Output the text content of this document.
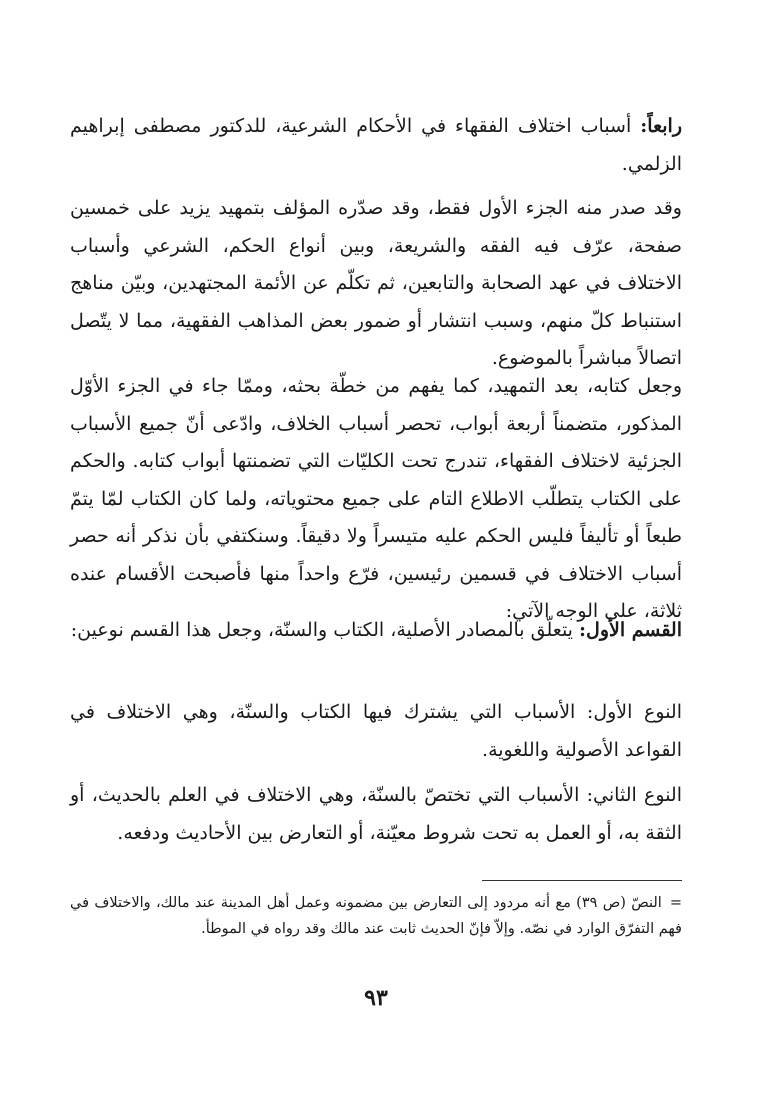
رابعاً: أسباب اختلاف الفقهاء في الأحكام الشرعية، للدكتور مصطفى إبراهيم الزلمي.

وقد صدر منه الجزء الأول فقط، وقد صدّره المؤلف بتمهيد يزيد على خمسين صفحة، عرّف فيه الفقه والشريعة، وبين أنواع الحكم، الشرعي وأسباب الاختلاف في عهد الصحابة والتابعين، ثم تكلّم عن الأئمة المجتهدين، وبيّن مناهج استنباط كلّ منهم، وسبب انتشار أو ضمور بعض المذاهب الفقهية، مما لا يتّصل اتصالاً مباشراً بالموضوع.

وجعل كتابه، بعد التمهيد، كما يفهم من خطّة بحثه، وممّا جاء في الجزء الأوّل المذكور، متضمناً أربعة أبواب، تحصر أسباب الخلاف، وادّعى أنّ جميع الأسباب الجزئية لاختلاف الفقهاء، تندرج تحت الكليّات التي تضمنتها أبواب كتابه. والحكم على الكتاب يتطلّب الاطلاع التام على جميع محتوياته، ولما كان الكتاب لمّا يتمّ طبعاً أو تأليفاً فليس الحكم عليه متيسراً ولا دقيقاً. وسنكتفي بأن نذكر أنه حصر أسباب الاختلاف في قسمين رئيسين، فرّع واحداً منها فأصبحت الأقسام عنده ثلاثة، على الوجه الآتي:

القسم الأول: يتعلّق بالمصادر الأصلية، الكتاب والسنّة، وجعل هذا القسم نوعين:

النوع الأول: الأسباب التي يشترك فيها الكتاب والسنّة، وهي الاختلاف في القواعد الأصولية واللغوية.

النوع الثاني: الأسباب التي تختصّ بالسنّة، وهي الاختلاف في العلم بالحديث، أو الثقة به، أو العمل به تحت شروط معيّنة، أو التعارض بين الأحاديث ودفعه.

=النصّ (ص ٣٩) مع أنه مردود إلى التعارض بين مضمونه وعمل أهل المدينة عند مالك، والاختلاف في فهم التفرّق الوارد في نصّه. وإلاّ فإنّ الحديث ثابت عند مالك وقد رواه في الموطأ.

٩٣
